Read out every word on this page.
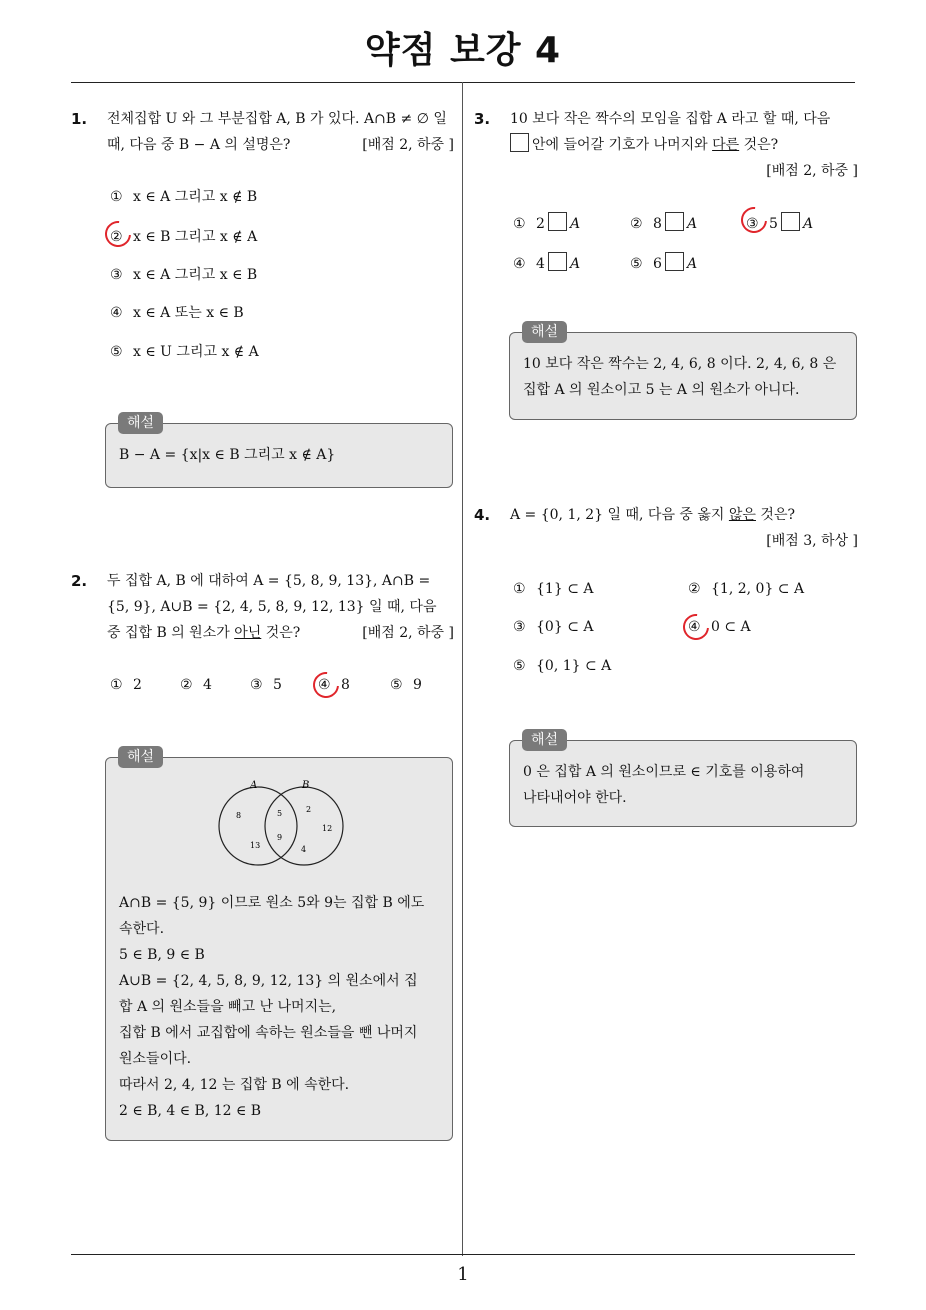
약점 보강 4
1. 전체집합 U 와 그 부분집합 A, B 가 있다. A∩B ≠ ∅ 일 때, 다음 중 B − A 의 설명은?	[배점 2, 하중 ]
① x ∈ A 그리고 x ∉ B
② x ∈ B 그리고 x ∉ A
③ x ∈ A 그리고 x ∈ B
④ x ∈ A 또는 x ∈ B
⑤ x ∈ U 그리고 x ∉ A
해설
B − A = {x|x ∈ B 그리고 x ∉ A}
2. 두 집합 A, B 에 대하여 A = {5, 8, 9, 13}, A∩B = {5, 9}, A∪B = {2, 4, 5, 8, 9, 12, 13} 일 때, 다음 중 집합 B 의 원소가 아닌 것은?	[배점 2, 하중 ]
① 2	② 4	③ 5	④ 8	⑤ 9
해설
A	B
8
13
5
9
2
12
4
A∩B = {5, 9} 이므로 원소 5와 9는 집합 B 에도
속한다.
5 ∈ B, 9 ∈ B
A∪B = {2, 4, 5, 8, 9, 12, 13} 의 원소에서 집
합 A 의 원소들을 빼고 난 나머지는,
집합 B 에서 교집합에 속하는 원소들을 뺀 나머지
원소들이다.
따라서 2, 4, 12 는 집합 B 에 속한다.
2 ∈ B, 4 ∈ B, 12 ∈ B
3. 10 보다 작은 짝수의 모임을 집합 A 라고 할 때, 다음
안에 들어갈 기호가 나머지와 다른 것은?
[배점 2, 하중 ]
① 2 A	② 8 A	③ 5 A
④ 4 A	⑤ 6 A
해설
10 보다 작은 짝수는 2, 4, 6, 8 이다. 2, 4, 6, 8 은
집합 A 의 원소이고 5 는 A 의 원소가 아니다.
4. A = {0, 1, 2} 일 때, 다음 중 옳지 않은 것은?
[배점 3, 하상 ]
① {1} ⊂ A	② {1, 2, 0} ⊂ A
③ {0} ⊂ A	④ 0 ⊂ A
⑤ {0, 1} ⊂ A
해설
0 은 집합 A 의 원소이므로 ∈ 기호를 이용하여
나타내어야 한다.
1
